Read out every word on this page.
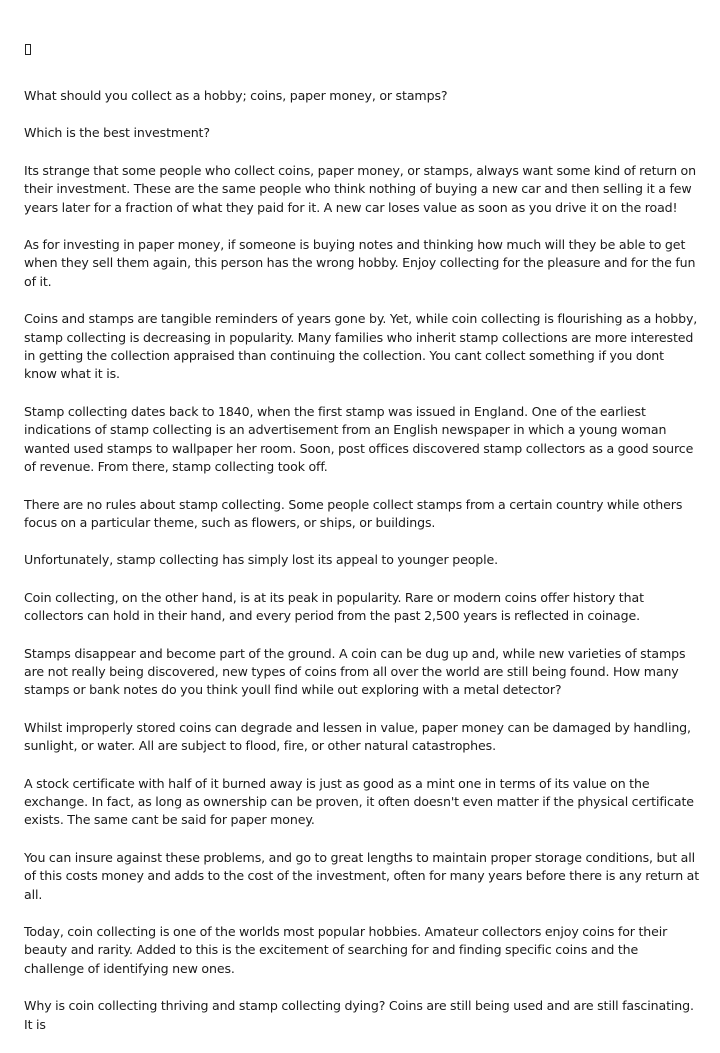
What should you collect as a hobby; coins, paper money, or stamps?

Which is the best investment?

Its strange that some people who collect coins, paper money, or stamps, always want some kind of return on their investment. These are the same people who think nothing of buying a new car and then selling it a few years later for a fraction of what they paid for it. A new car loses value as soon as you drive it on the road!

As for investing in paper money, if someone is buying notes and thinking how much will they be able to get when they sell them again, this person has the wrong hobby. Enjoy collecting for the pleasure and for the fun of it.

Coins and stamps are tangible reminders of years gone by. Yet, while coin collecting is flourishing as a hobby, stamp collecting is decreasing in popularity. Many families who inherit stamp collections are more interested in getting the collection appraised than continuing the collection. You cant collect something if you dont know what it is.

Stamp collecting dates back to 1840, when the first stamp was issued in England. One of the earliest indications of stamp collecting is an advertisement from an English newspaper in which a young woman wanted used stamps to wallpaper her room. Soon, post offices discovered stamp collectors as a good source of revenue. From there, stamp collecting took off.

There are no rules about stamp collecting. Some people collect stamps from a certain country while others focus on a particular theme, such as flowers, or ships, or buildings.

Unfortunately, stamp collecting has simply lost its appeal to younger people.

Coin collecting, on the other hand, is at its peak in popularity. Rare or modern coins offer history that collectors can hold in their hand, and every period from the past 2,500 years is reflected in coinage.

Stamps disappear and become part of the ground. A coin can be dug up and, while new varieties of stamps are not really being discovered, new types of coins from all over the world are still being found. How many stamps or bank notes do you think youll find while out exploring with a metal detector?

Whilst improperly stored coins can degrade and lessen in value, paper money can be damaged by handling, sunlight, or water. All are subject to flood, fire, or other natural catastrophes.

A stock certificate with half of it burned away is just as good as a mint one in terms of its value on the exchange. In fact, as long as ownership can be proven, it often doesn't even matter if the physical certificate exists. The same cant be said for paper money.

You can insure against these problems, and go to great lengths to maintain proper storage conditions, but all of this costs money and adds to the cost of the investment, often for many years before there is any return at all.

Today, coin collecting is one of the worlds most popular hobbies. Amateur collectors enjoy coins for their beauty and rarity. Added to this is the excitement of searching for and finding specific coins and the challenge of identifying new ones.

Why is coin collecting thriving and stamp collecting dying? Coins are still being used and are still fascinating. It is
